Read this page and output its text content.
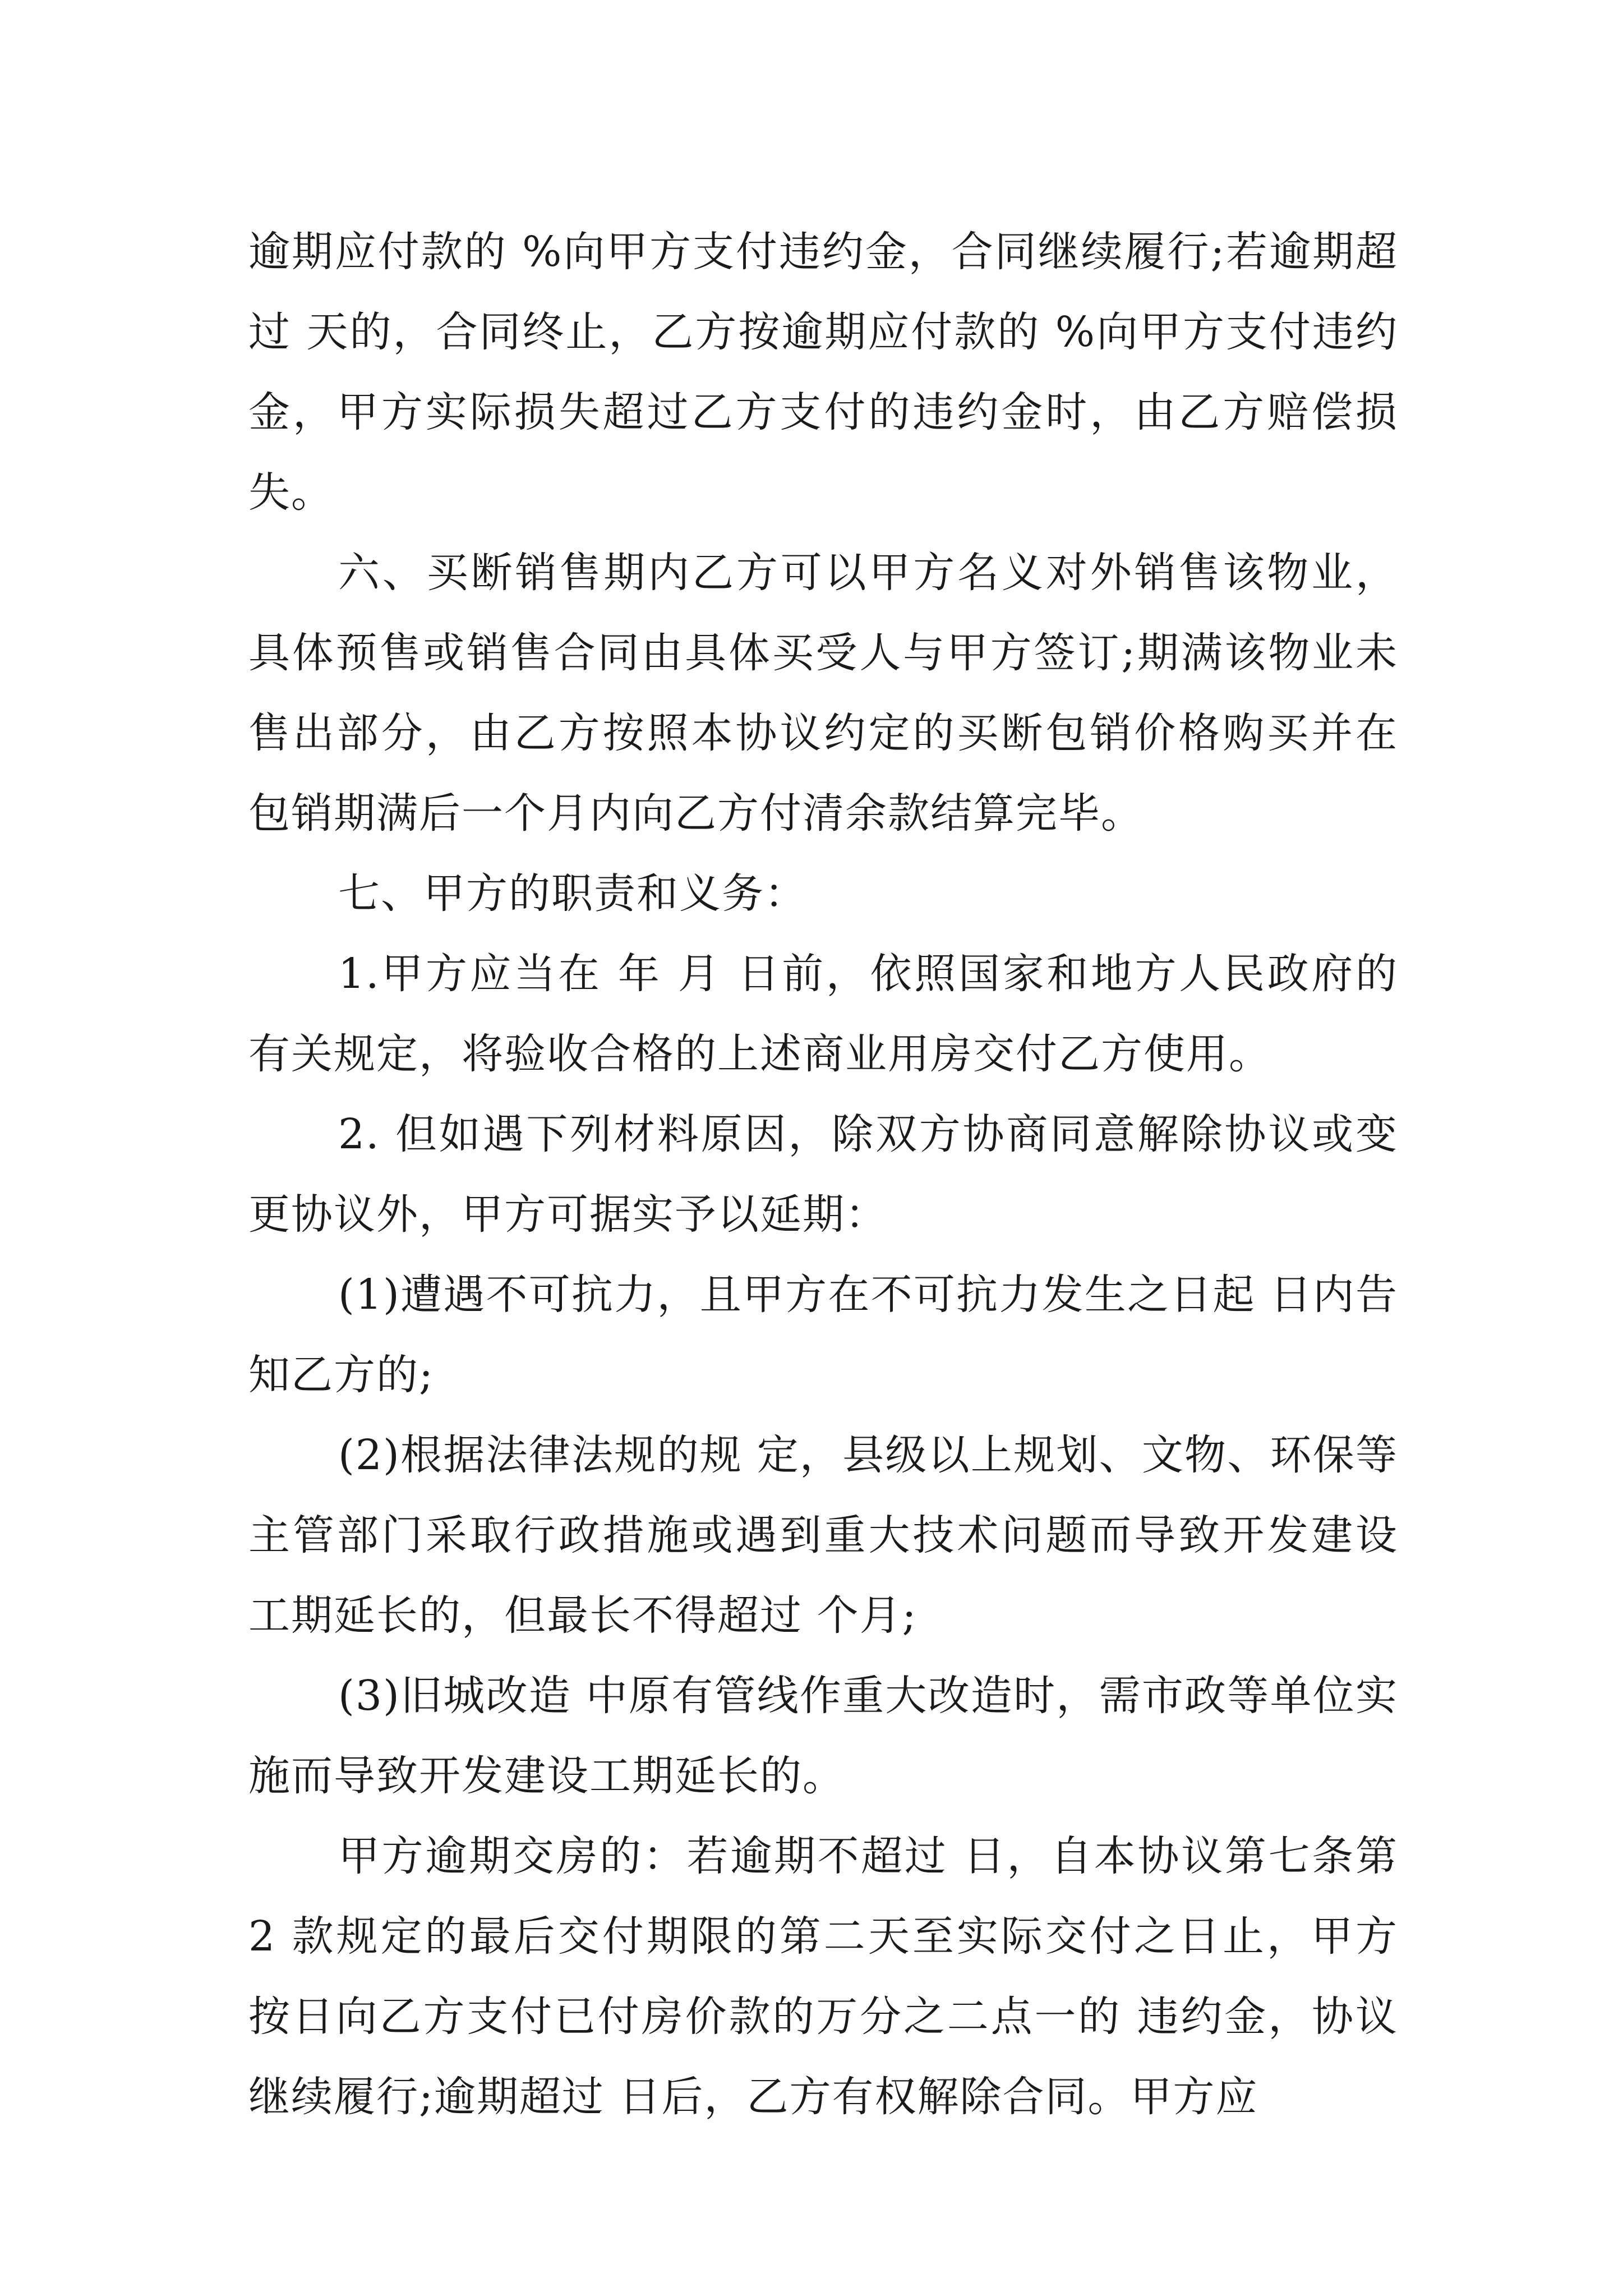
逾期应付款的 %向甲方支付违约金，合同继续履行;若逾期超过 天的，合同终止，乙方按逾期应付款的 %向甲方支付违约金，甲方实际损失超过乙方支付的违约金时，由乙方赔偿损失。

六、买断销售期内乙方可以甲方名义对外销售该物业，具体预售或销售合同由具体买受人与甲方签订;期满该物业未售出部分，由乙方按照本协议约定的买断包销价格购买并在包销期满后一个月内向乙方付清余款结算完毕。

七、甲方的职责和义务：

1.甲方应当在 年 月 日前，依照国家和地方人民政府的有关规定，将验收合格的上述商业用房交付乙方使用。

2. 但如遇下列材料原因，除双方协商同意解除协议或变 更协议外，甲方可据实予以延期：

(1)遭遇不可抗力，且甲方在不可抗力发生之日起 日内告知乙方的;

(2)根据法律法规的规 定，县级以上规划、文物、环保等主管部门采取行政措施或遇到重大技术问题而导致开发建设工期延长的，但最长不得超过 个月;

(3)旧城改造 中原有管线作重大改造时，需市政等单位实施而导致开发建设工期延长的。

甲方逾期交房的：若逾期不超过 日，自本协议第七条第 2 款规定的最后交付期限的第二天至实际交付之日止，甲方按日向乙方支付已付房价款的万分之二点一的 违约金，协议继续履行;逾期超过 日后，乙方有权解除合同。甲方应
